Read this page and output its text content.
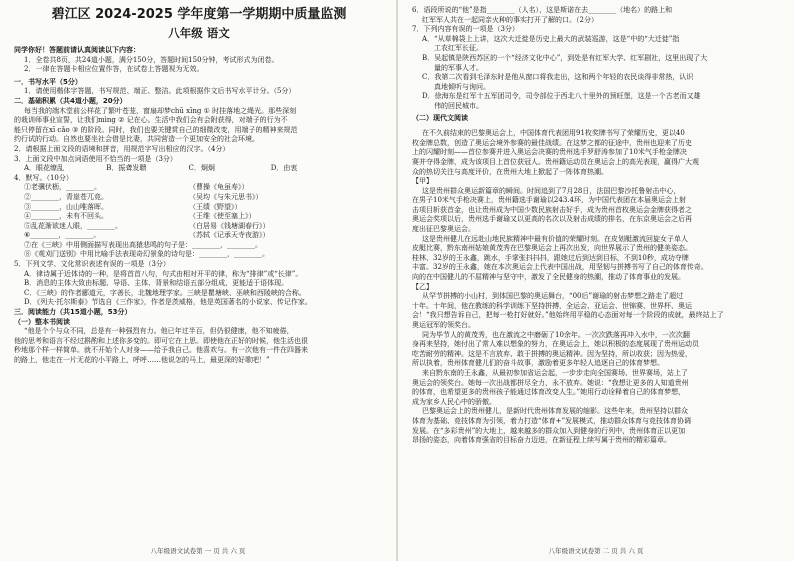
碧江区 2024-2025 学年度第一学期期中质量监测
八年级 语文
同学你好！答题前请认真阅读以下内容：
1．全卷共8页，共24道小题，满分150分，答题时间150分钟，考试形式为闭卷。
2．一律在答题卡相应位置作答，在试卷上答题视为无效。
一．书写水平（5分）
1．请使用楷体字答题，书写规范、端正、整洁。此项根据作文后书写水平计分。（5分）
二．基础积累（共4道小题，20分）
每当我的端木堂前公样花了繁叶苍茏，窗扇却梦chū xīng ① 时挂落地之绳光。那些深刻
的栽训师事业宣誓，让我们mìng ② 记在心。生活中我们会有会附获得，对端子的行为不
能只停留在xī cǎo ③ 的阶段。同时，我们也要关键赏自己的细微改变，用端子的精神来规范
约行试的行动。自然也要坐社会借是比妻，共同营造一个更加安全的社会环境。
2．请根据上面文段的语境和拼音，用规范字写出相应的汉字。（4分）
3．上面文段中加点词语使用不恰当的一项是（3分）
A．眼花缭乱	B．振聋发聩	C．炯炯	D．由衷
4．默写。（10分）
①老骥伏枥，________。	（曹操《龟虽寿》）
②________，青崖苍兀竞。	（吴均《与朱元思书》）
③________，山山唯落晖。	（王绩《野望》）
④________，未有不回头。	（王维《使至塞上》）
⑤乱花渐欲迷人眼，________。	（白居易《钱塘湖春行》）
⑥________，________。	（苏轼《记承天寺夜游》）
⑦在《三峡》中用侧面描写表现出高猿悲鸣的句子是：________，________。
⑧《观刈门送别》中用比喻手法表现奇幻景象的诗句是：________，________。
5．下列文学、文化常识表述有误的一项是（3分）
A．律诗属于近体诗的一种，是将首首八句，句式由相对开平的律，称为“排律”或“长律”。
B．消息的主体大致由标题、导语、主体、背景和结语五部分组成，更能适于语体现。
C．《三峡》的作者郦道元，字善长，北魏地理学家。三峡是瞿塘峡、巫峡和西陵峡的合称。
D．《列夫·托尔斯泰》节选自《三作家》，作者是茨威格，他是英国著名的小说家、传记作家。
三．阅读能力（共15道小题，53分）
（一）整本书阅读
“他是个个与众不同，总是有一种强烈有力。他已年过半百，但仍很健康，他不知疲倦，
他的思考和语言不经过斟酌和上述你多变的。即可它在上思。即使他在正好的时候，他生活也很
秒地那个样一样简单。就不开始个人对身——给予我自己。他喜欢与。有一次他有一件在四器来
的路上，他走在一片无花的小平路上，呼呼……他说怎的马上，最更深的好歌吧！”
八年级语文试卷第 一 页 共 六 页
6．语段所说的“他”是指________（人名），这是斯诺在去________（地名）的路上和
红军军人共在一起同亲火种的事实打开了解的口。（2分）
7．下列内容有误的一项是（3分）
A．“从草棉袋上上讲，这次大迁徙是历史上最大的武装巡游，这是“中的“大迁徙”指
工农红军长征。
B．吴起镇是陕西苏区的一个“经济文化中心”，到处是有红军大学、红军剧社，这里出现了大
量的军事人才。
C．我第二次看到毛泽东时是他从窗口将我走出，这和两个年轻的农民谈得非常热，认识
真地倾听与询问。
D．徐海东是红军十五军团司令，司令部位于西北八十里外的预旺堡，这是一个古老而又雄
伟的回民城市。
（二）现代文阅读
在不久前结束的巴黎奥运会上，中国体育代表团用91枚奖牌书写了荣耀历史，更以40
枚金牌总数，创造了奥运会境外参赛的最佳战绩。在这梦之都的征途中，贵州也迎来了历史
上的闪耀时刻——首位参赛并进入奥运会决赛的贵州选手罗舒涛参加了10米气手枪金牌决
赛并夺得金牌，成为该项目上首位获冠人。贵州籍运动员在奥运会上的高光表现，赢得广大观
众的热切关注与高度评价，在贵州大地上掀起了一阵体育热潮。
【甲】
这是贵州群众奥运新篇章的瞬间。时间追到了7月28日，法国巴黎沙托鲁射击中心，
在男子10米气手枪决赛上，贵州籍选手谢瑜以243.4环，为中国代表团在本届奥运会上射
击项目斩获首金，也让贵州成为中国少数民族射击好手，成为贵州首枚奥运会金牌获得者之
奥运会奖项以后，贵州选手谢瑜又以更高的名次以及射击成绩的排名，在东京奥运会之后再
度出征巴黎奥运会。
这是贵州健儿在远赴山地民族精神中最有价值的荣耀时刻。在皮划艇激流回旋女子单人
皮艇比赛，黔东南州姑娘黄茂秀在巴黎奥运会上再次出发，向世界展示了贵州的健美姿态。
桂林、32岁的王永鑫，跳水，手掌张抖抖抖，跟她过后到达到目标，不到10秒，成功夺牌
丰富。32岁的王永鑫，她在本次奥运会上代表中国出战，用坚韧与拼搏书写了自己的体育传奇。
向的在中国健儿的不屈精神与坚守中，激发了全民健身的热潮，推动了体育事业的发展。
【乙】
从罕节拼搏的小山村，到体国巴黎的奥运舞台，“00后”谢瑜的射击梦想之路走了超过
十年。十年间，他在教练的科学训练下坚持拼搏，全运会、亚运会、世锦赛、世界杯、奥运
会！“我只想告诉自己，把每一枪打好就好。”他始终用平稳的心态面对每一个阶段的成就，最终站上了
奥运冠军的领奖台。
同为毕节人的黄茂秀，也在激流之中磨砺了10余年。一次次跌落再冲入水中，一次次翻
身再来坚持，她付出了常人难以想象的努力，在奥运会上，她以积极的态度展现了贵州运动员
吃苦耐劳的精神。这是不言放弃、敢于拼搏的奥运精神。因为坚持，所以收获；因为热爱，
所以执着，贵州体育健儿们的奋斗故事，激励着更多年轻人追逐自己的体育梦想。
来自黔东南的王永鑫，从最初参加省运会起，一步步走向全国赛场、世界赛场，站上了
奥运会的领奖台。她每一次出战都拼尽全力，永不放弃。她说：“我想让更多的人知道贵州
的体育，也希望更多的贵州孩子能通过体育改变人生。”她用行动诠释着自己的体育梦想，
成为家乡人民心中的骄傲。
巴黎奥运会上的贵州健儿，是新时代贵州体育发展的缩影。这些年来，贵州坚持以群众
体育为基础、竞技体育为引领，着力打造“体育+”发展模式，推动群众体育与竞技体育协调
发展。在“多彩贵州”的大地上，越来越多的群众加入到健身的行列中，贵州体育正以更加
昂扬的姿态，向着体育强省的目标奋力迈进，在新征程上续写属于贵州的精彩篇章。
八年级语文试卷第 二 页 共 六 页
